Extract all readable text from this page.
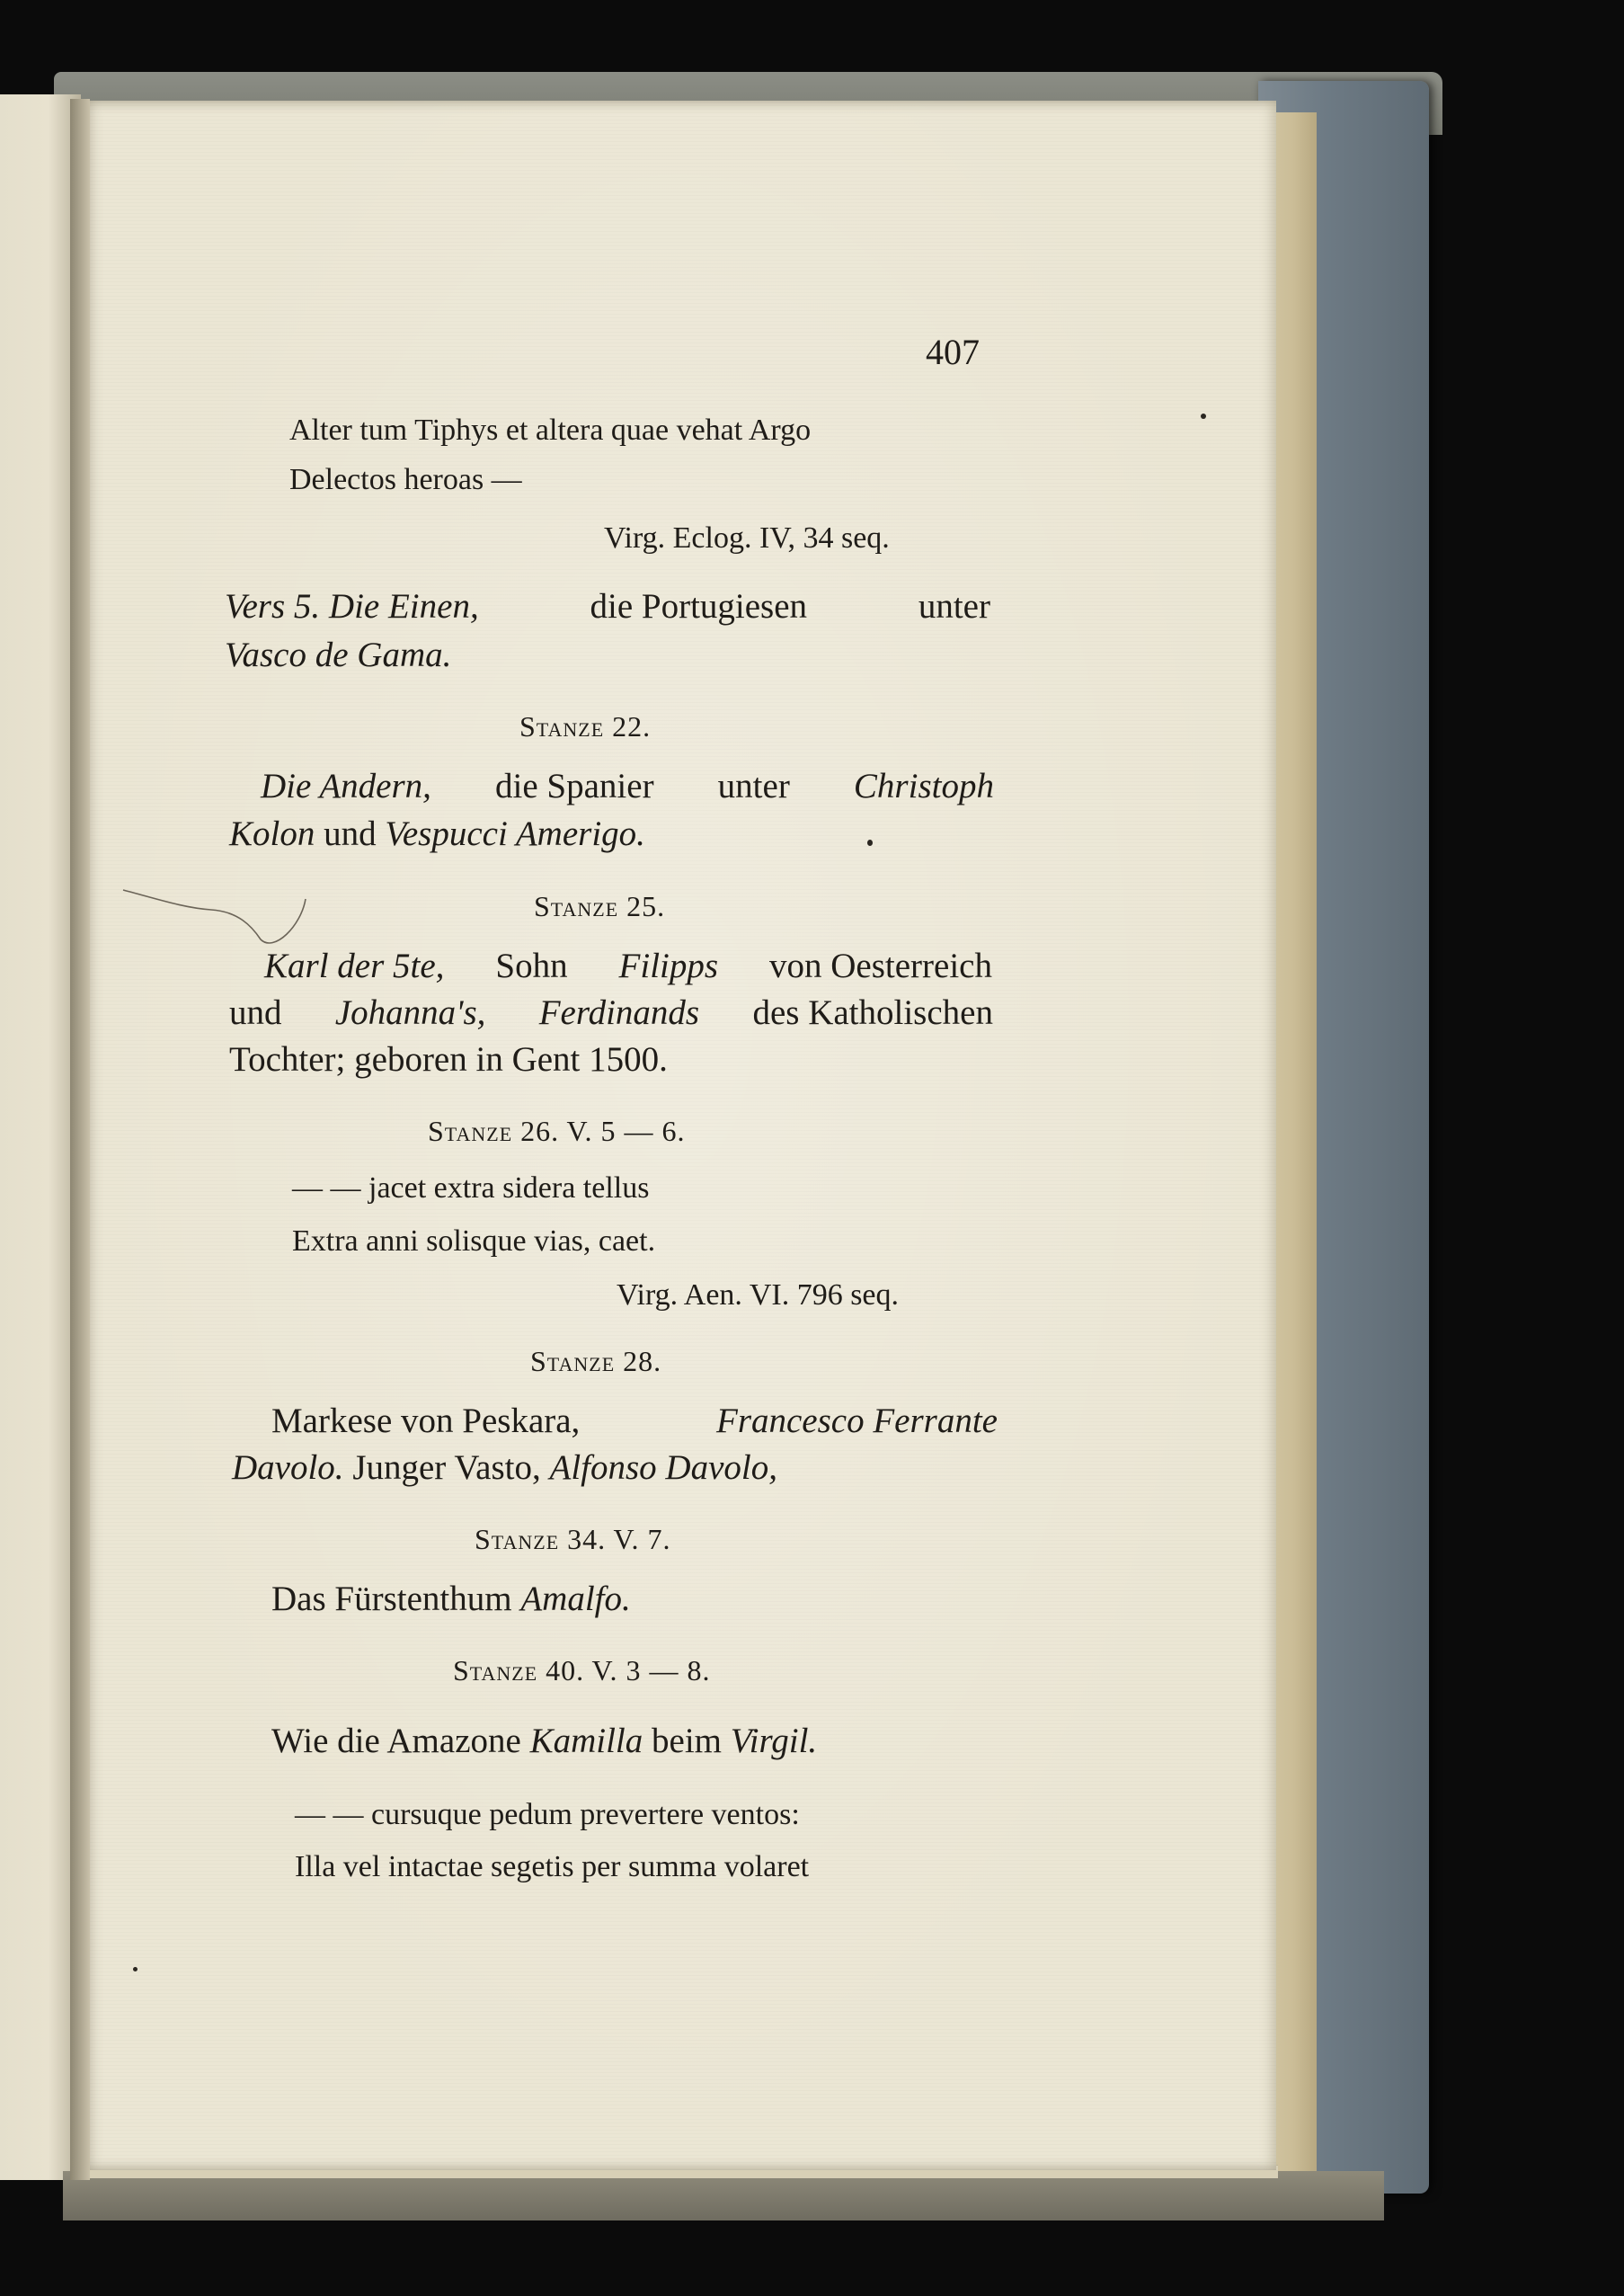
407
Alter tum Tiphys et altera quae vehat Argo
Delectos heroas —
Virg. Eclog. IV, 34 seq.
Vers 5. Die Einen,	die Portugiesen	unter
Vasco de Gama.
Stanze 22.
Die Andern, die Spanier unter Christoph
Kolon und Vespucci Amerigo.
Stanze 25.
Karl der 5te, Sohn Filipps von Oesterreich
und Johanna's, Ferdinands des Katholischen
Tochter; geboren in Gent 1500.
Stanze 26. V. 5 — 6.
— — jacet extra sidera tellus
Extra anni solisque vias, caet.
Virg. Aen. VI. 796 seq.
Stanze 28.
Markese von Peskara,	Francesco Ferrante
Davolo. Junger Vasto, Alfonso Davolo,
Stanze 34. V. 7.
Das Fürstenthum Amalfo.
Stanze 40. V. 3 — 8.
Wie die Amazone Kamilla beim Virgil.
— — cursuque pedum prevertere ventos:
Illa vel intactae segetis per summa volaret
